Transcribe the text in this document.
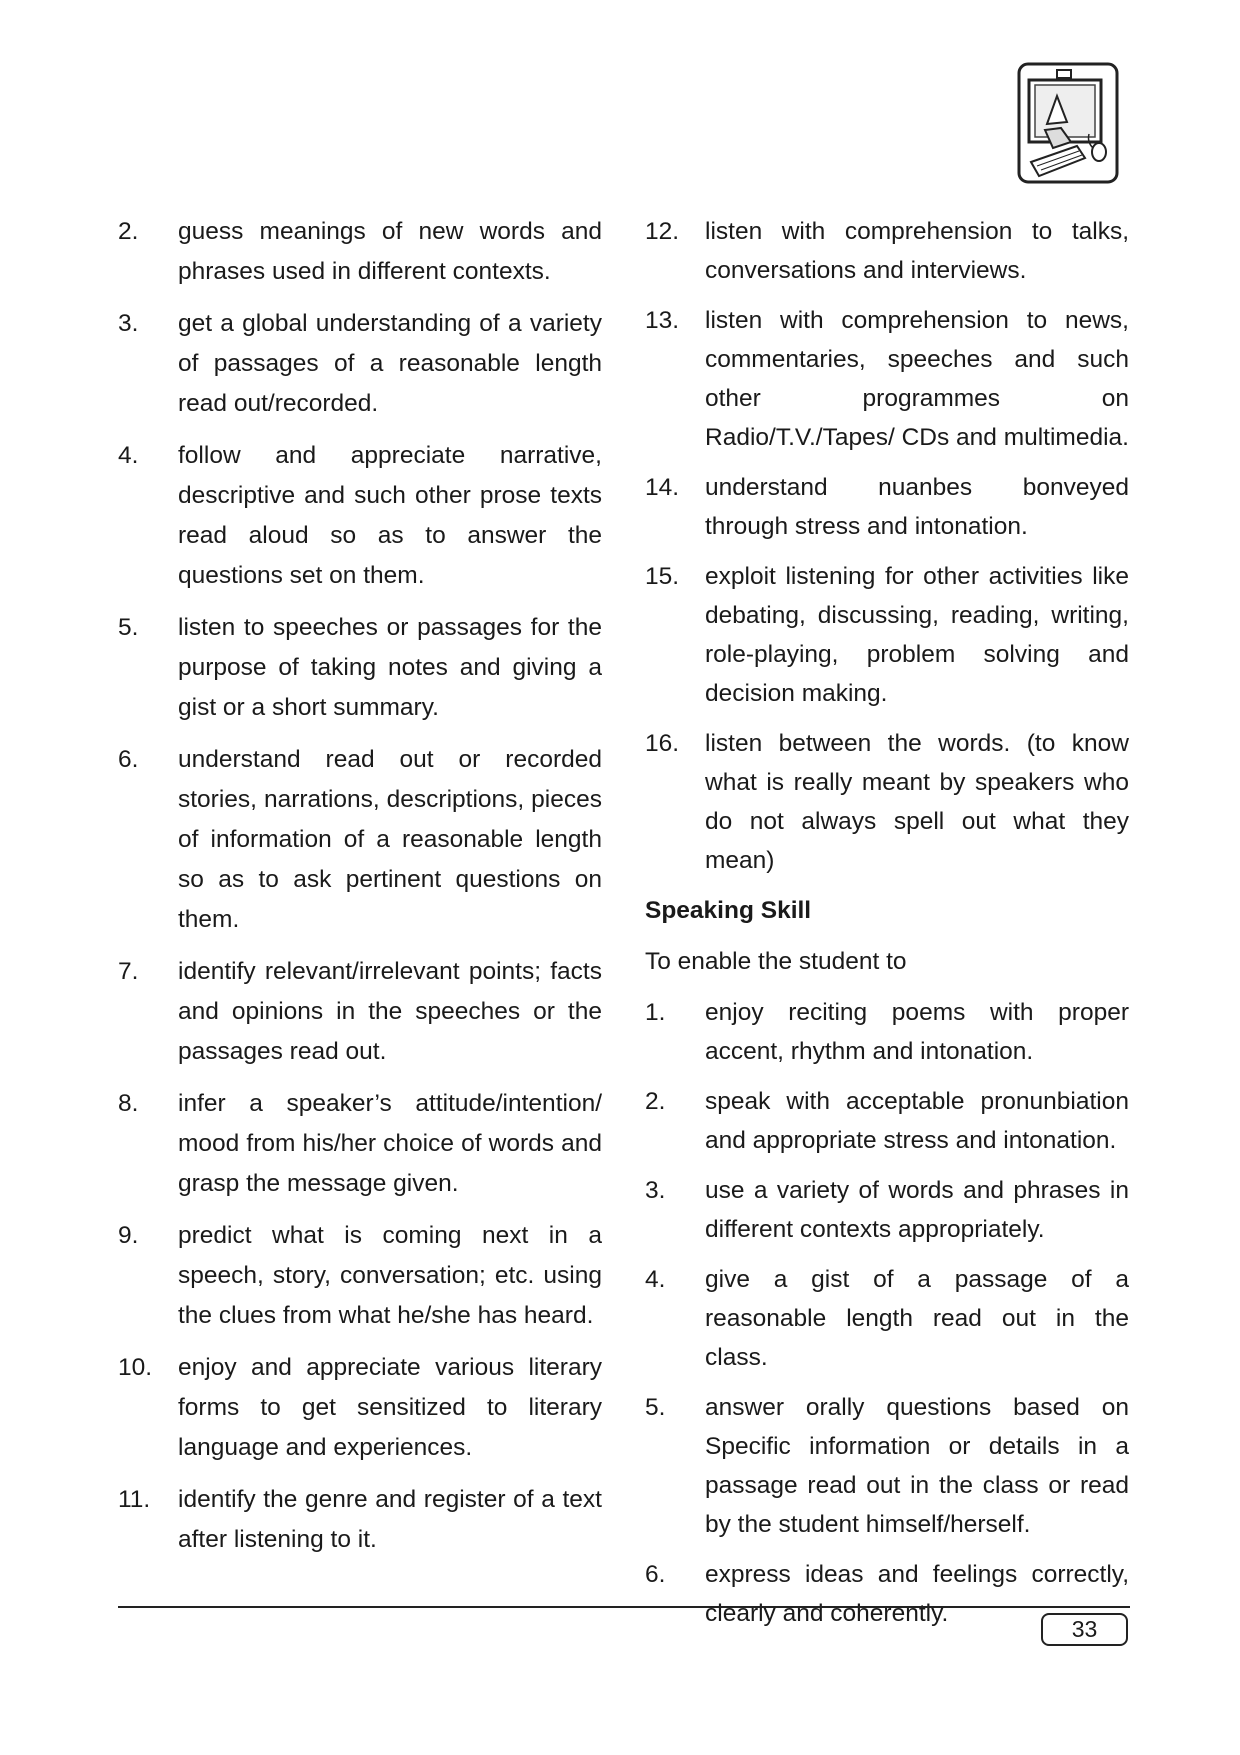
2.	guess meanings of new words and phrases used in different contexts.
3.	get a global understanding of a variety of passages of a reasonable length read out/recorded.
4.	follow and appreciate narrative, descriptive and such other prose texts read aloud so as to answer the questions set on them.
5.	listen to speeches or passages for the purpose of taking notes and giving a gist or a short summary.
6.	understand read out or recorded stories, narrations, descriptions, pieces of information of a reasonable length so as to ask pertinent questions on them.
7.	identify relevant/irrelevant points; facts and opinions in the speeches or the passages read out.
8.	infer a speaker’s attitude/intention/ mood from his/her choice of words and grasp the message given.
9.	predict what is coming next in a speech, story, conversation; etc. using the clues from what he/she has heard.
10.	enjoy and appreciate various literary forms to get sensitized to literary language and experiences.
11.	identify the genre and register of a text after listening to it.
12.	listen with comprehension to talks, conversations and interviews.
13.	listen with comprehension to news, commentaries, speeches and such other programmes on Radio/T.V./Tapes/ CDs and multimedia.
14.	understand nuanbes bonveyed through stress and intonation.
15.	exploit listening for other activities like debating, discussing, reading, writing, role-playing, problem solving and decision making.
16.	listen between the words. (to know what is really meant by speakers who do not always spell out what they mean)
Speaking Skill
To enable the student to
1.	enjoy reciting poems with proper accent, rhythm and intonation.
2.	speak with acceptable pronunbiation and appropriate stress and intonation.
3.	use a variety of words and phrases in different contexts appropriately.
4.	give a gist of a passage of a reasonable length read out in the class.
5.	answer orally questions based on Specific information or details in a passage read out in the class or read by the student himself/herself.
6.	express ideas and feelings correctly, clearly and coherently.
33
